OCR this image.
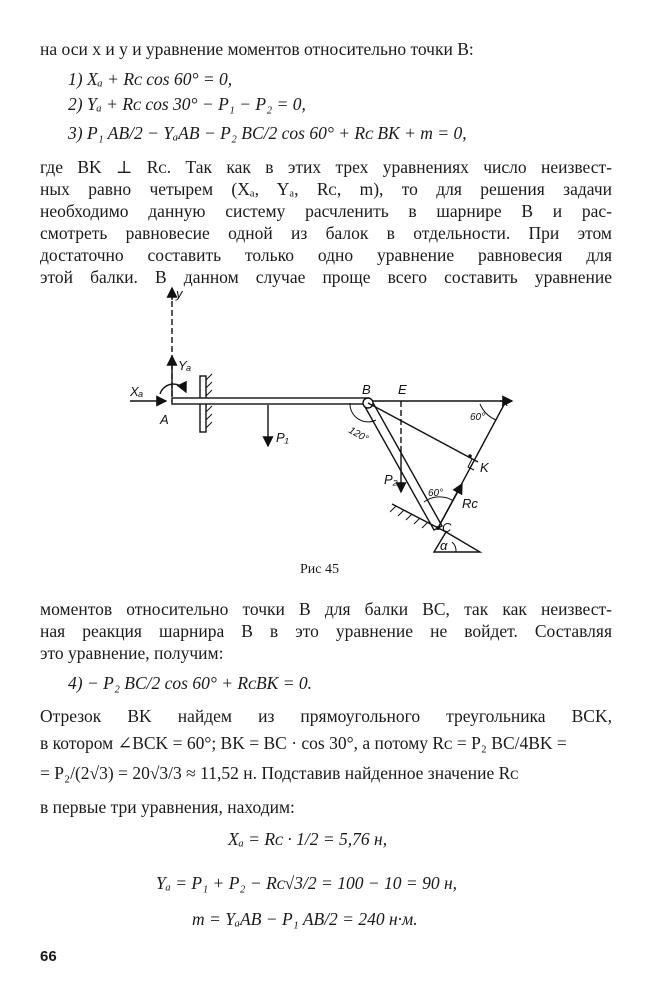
на оси x и y и уравнение моментов относительно точки B:
1) Xₐ + Rᴄ cos 60° = 0,
2) Yₐ + Rᴄ cos 30° − P₁ − P₂ = 0,
3) P₁ AB/2 − YₐAB − P₂ BC/2 cos 60° + Rᴄ BK + m = 0,
где BK ⊥ Rᴄ. Так как в этих трех уравнениях число неизвест-
ных равно четырем (Xₐ, Yₐ, Rᴄ, m), то для решения задачи
необходимо данную систему расчленить в шарнире B и рас-
смотреть равновесие одной из балок в отдельности. При этом
достаточно составить только одно уравнение равновесия для
этой балки. В данном случае проще всего составить уравнение
y
x
Yₐ
Xₐ
A
B E
P₁
P₂
K
C
Rᴄ
α
120°
60°
60°
Рис 45
моментов относительно точки B для балки BC, так как неизвест-
ная реакция шарнира B в это уравнение не войдет. Составляя
это уравнение, получим:
4) − P₂ BC/2 cos 60° + RᴄBK = 0.
Отрезок BK найдем из прямоугольного треугольника BCK,
в котором ∠BCK = 60°; BK = BC · cos 30°, а потому Rᴄ = P₂ BC/4BK =
= P₂/(2√3) = 20√3/3 ≈ 11,52 н. Подставив найденное значение Rᴄ
в первые три уравнения, находим:
Xₐ = Rᴄ · 1/2 = 5,76 н,
Yₐ = P₁ + P₂ − Rᴄ√3/2 = 100 − 10 = 90 н,
m = YₐAB − P₁ AB/2 = 240 н·м.
66
